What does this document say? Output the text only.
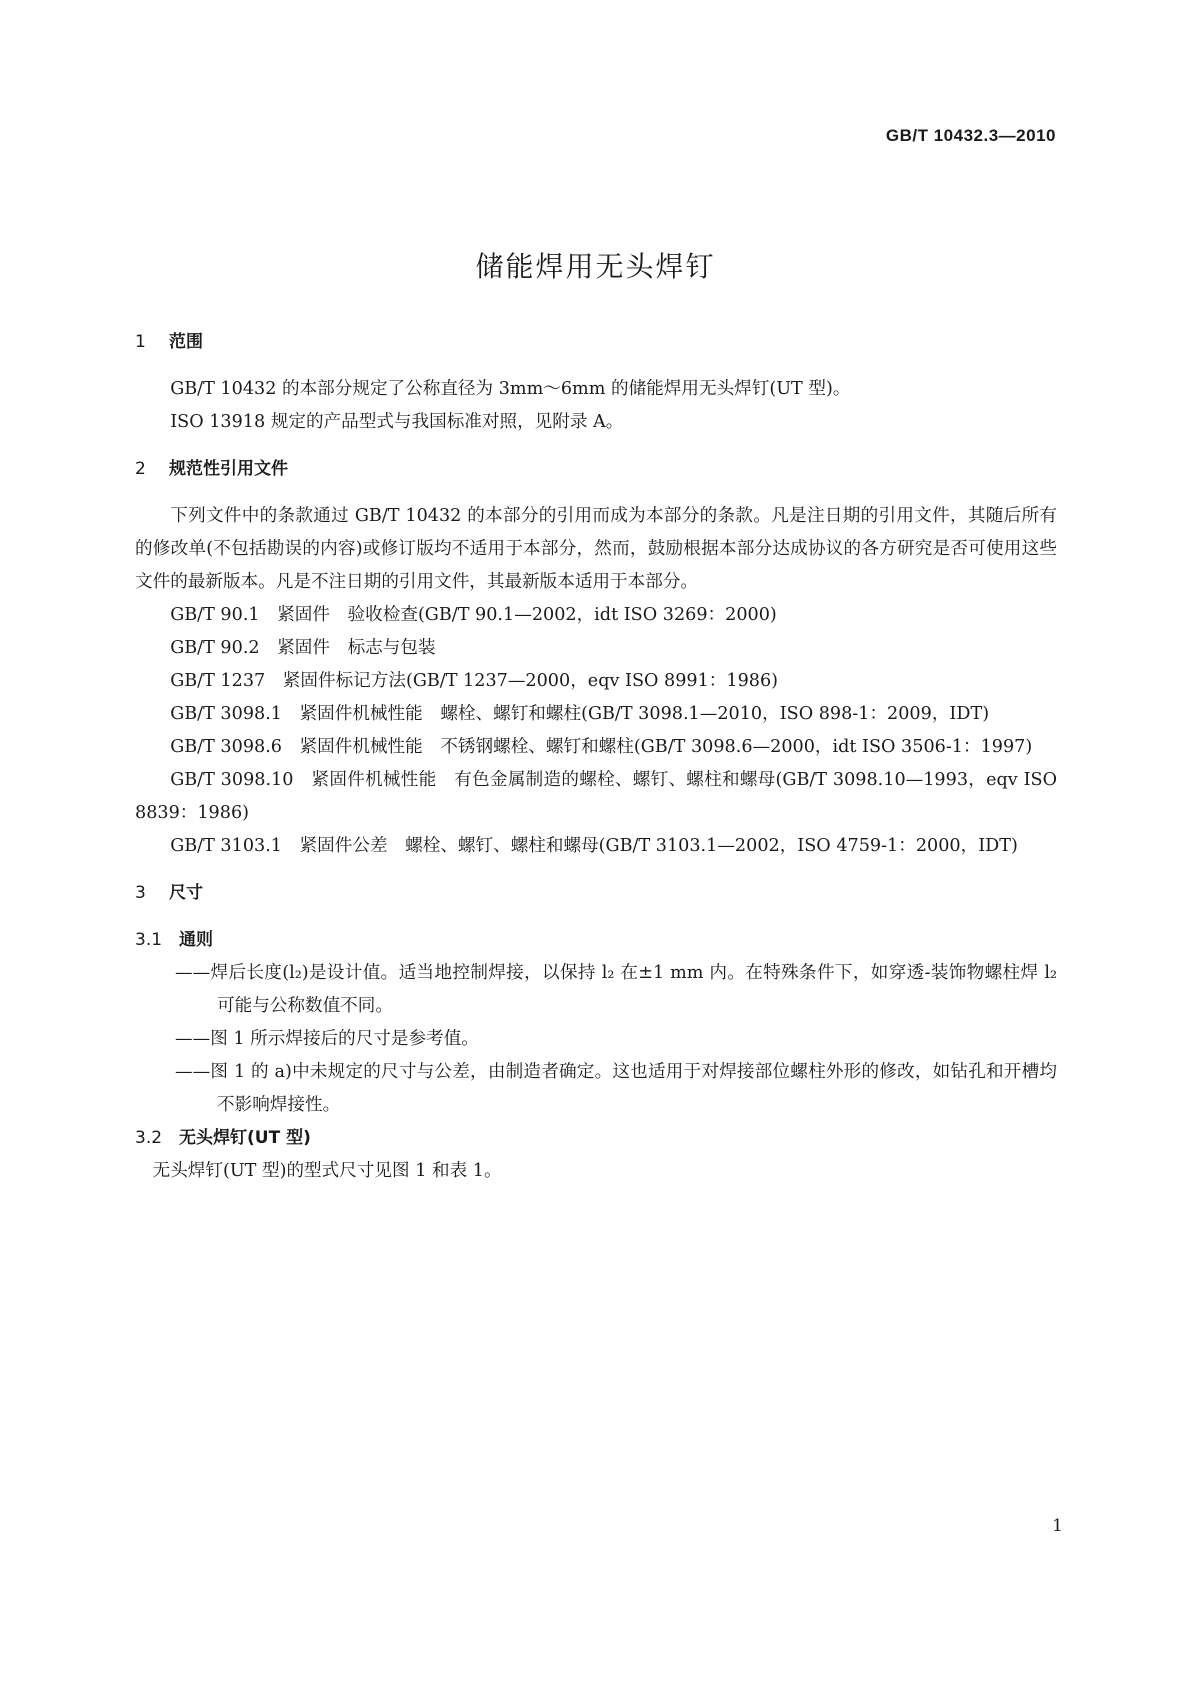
GB/T 10432.3—2010
储能焊用无头焊钉
1 范围

GB/T 10432 的本部分规定了公称直径为 3mm～6mm 的储能焊用无头焊钉(UT 型)。

ISO 13918 规定的产品型式与我国标准对照，见附录 A。

2 规范性引用文件

下列文件中的条款通过 GB/T 10432 的本部分的引用而成为本部分的条款。凡是注日期的引用文件，其随后所有的修改单(不包括勘误的内容)或修订版均不适用于本部分，然而，鼓励根据本部分达成协议的各方研究是否可使用这些文件的最新版本。凡是不注日期的引用文件，其最新版本适用于本部分。

GB/T 90.1　紧固件　验收检查(GB/T 90.1—2002，idt ISO 3269：2000)

GB/T 90.2　紧固件　标志与包装

GB/T 1237　紧固件标记方法(GB/T 1237—2000，eqv ISO 8991：1986)

GB/T 3098.1　紧固件机械性能　螺栓、螺钉和螺柱(GB/T 3098.1—2010，ISO 898-1：2009，IDT)

GB/T 3098.6　紧固件机械性能　不锈钢螺栓、螺钉和螺柱(GB/T 3098.6—2000，idt ISO 3506-1：1997)

GB/T 3098.10　紧固件机械性能　有色金属制造的螺栓、螺钉、螺柱和螺母(GB/T 3098.10—1993，eqv ISO 8839：1986)

GB/T 3103.1　紧固件公差　螺栓、螺钉、螺柱和螺母(GB/T 3103.1—2002，ISO 4759-1：2000，IDT)

3 尺寸
3.1 通则

——焊后长度(l₂)是设计值。适当地控制焊接，以保持 l₂ 在±1 mm 内。在特殊条件下，如穿透-装饰物螺柱焊 l₂ 可能与公称数值不同。

——图 1 所示焊接后的尺寸是参考值。

——图 1 的 a)中未规定的尺寸与公差，由制造者确定。这也适用于对焊接部位螺柱外形的修改，如钻孔和开槽均不影响焊接性。

3.2 无头焊钉(UT 型)

无头焊钉(UT 型)的型式尺寸见图 1 和表 1。

1
